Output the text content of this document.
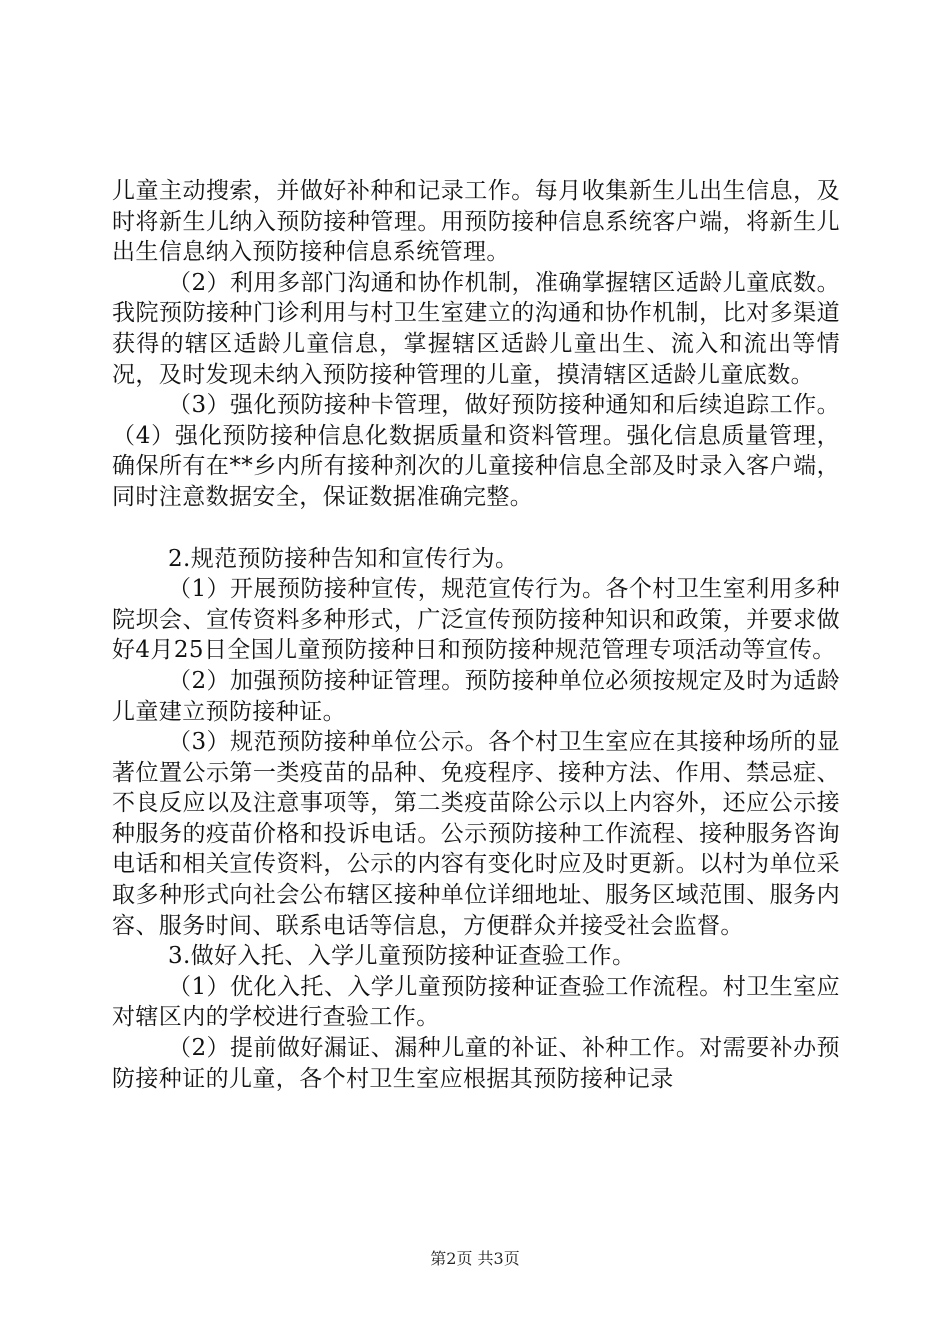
儿童主动搜索，并做好补种和记录工作。每月收集新生儿出生信息，及时将新生儿纳入预防接种管理。用预防接种信息系统客户端，将新生儿出生信息纳入预防接种信息系统管理。

（2）利用多部门沟通和协作机制，准确掌握辖区适龄儿童底数。我院预防接种门诊利用与村卫生室建立的沟通和协作机制，比对多渠道获得的辖区适龄儿童信息，掌握辖区适龄儿童出生、流入和流出等情况，及时发现未纳入预防接种管理的儿童，摸清辖区适龄儿童底数。

（3）强化预防接种卡管理，做好预防接种通知和后续追踪工作。（4）强化预防接种信息化数据质量和资料管理。强化信息质量管理，确保所有在**乡内所有接种剂次的儿童接种信息全部及时录入客户端，同时注意数据安全，保证数据准确完整。

2.规范预防接种告知和宣传行为。

（1）开展预防接种宣传，规范宣传行为。各个村卫生室利用多种院坝会、宣传资料多种形式，广泛宣传预防接种知识和政策，并要求做好4月25日全国儿童预防接种日和预防接种规范管理专项活动等宣传。

（2）加强预防接种证管理。预防接种单位必须按规定及时为适龄儿童建立预防接种证。

（3）规范预防接种单位公示。各个村卫生室应在其接种场所的显著位置公示第一类疫苗的品种、免疫程序、接种方法、作用、禁忌症、不良反应以及注意事项等，第二类疫苗除公示以上内容外，还应公示接种服务的疫苗价格和投诉电话。公示预防接种工作流程、接种服务咨询电话和相关宣传资料，公示的内容有变化时应及时更新。以村为单位采取多种形式向社会公布辖区接种单位详细地址、服务区域范围、服务内容、服务时间、联系电话等信息，方便群众并接受社会监督。

3.做好入托、入学儿童预防接种证查验工作。

（1）优化入托、入学儿童预防接种证查验工作流程。村卫生室应对辖区内的学校进行查验工作。

（2）提前做好漏证、漏种儿童的补证、补种工作。对需要补办预防接种证的儿童，各个村卫生室应根据其预防接种记录

第2页 共3页
